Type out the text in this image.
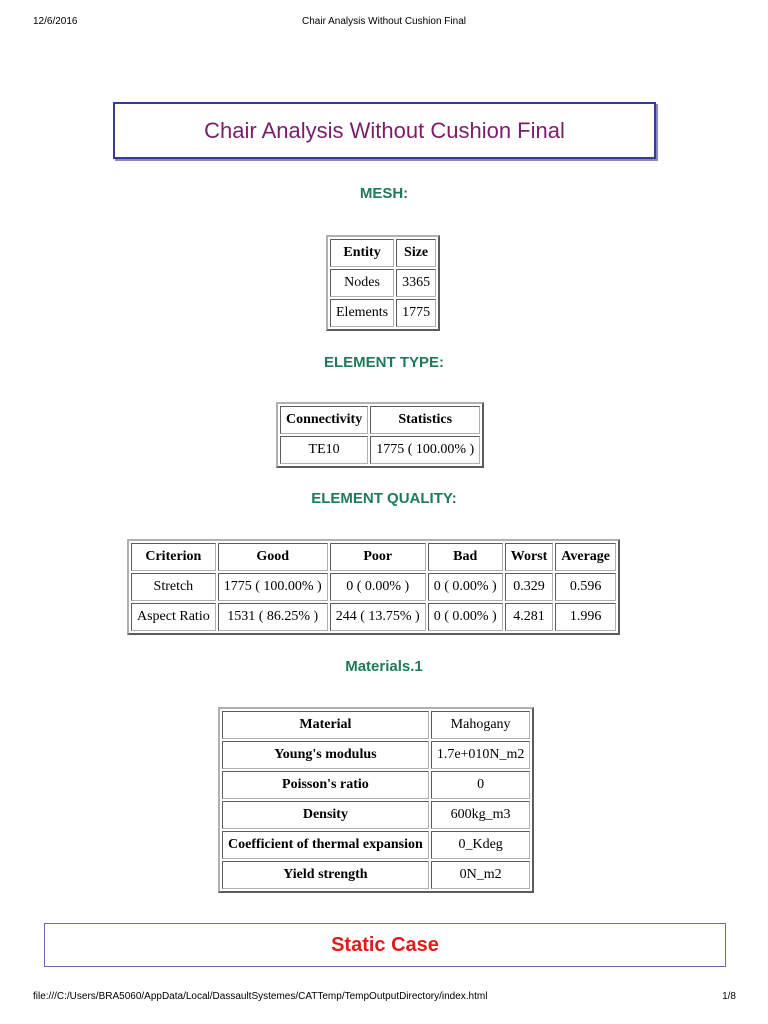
12/6/2016	Chair Analysis Without Cushion Final
Chair Analysis Without Cushion Final
MESH:
Entity	Size
Nodes	3365
Elements	1775
ELEMENT TYPE:
Connectivity	Statistics
TE10	1775 ( 100.00% )
ELEMENT QUALITY:
Criterion	Good	Poor	Bad	Worst	Average
Stretch	1775 ( 100.00% )	0 ( 0.00% )	0 ( 0.00% )	0.329	0.596
Aspect Ratio	1531 ( 86.25% )	244 ( 13.75% )	0 ( 0.00% )	4.281	1.996
Materials.1
Material	Mahogany
Young's modulus	1.7e+010N_m2
Poisson's ratio	0
Density	600kg_m3
Coefficient of thermal expansion	0_Kdeg
Yield strength	0N_m2
Static Case
file:///C:/Users/BRA5060/AppData/Local/DassaultSystemes/CATTemp/TempOutputDirectory/index.html	1/8
